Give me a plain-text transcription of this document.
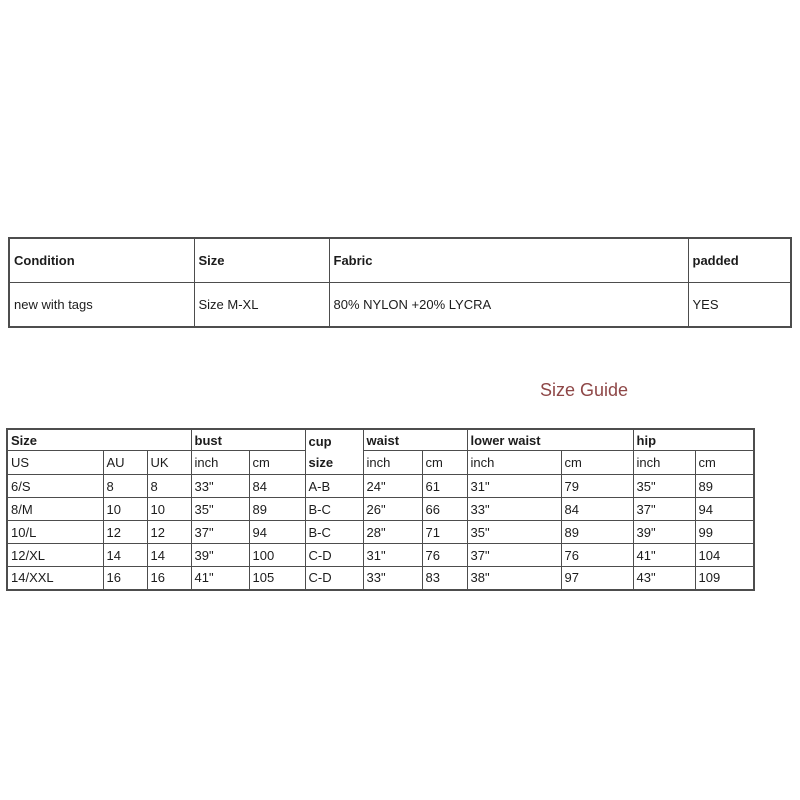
Condition	Size	Fabric	padded
new with tags	Size M-XL	80% NYLON +20% LYCRA	YES
Size Guide
Size			bust		cup size	waist		lower waist		hip	
US	AU	UK	inch	cm		inch	cm	inch	cm	inch	cm
6/S	8	8	33"	84	A-B	24"	61	31"	79	35"	89
8/M	10	10	35"	89	B-C	26"	66	33"	84	37"	94
10/L	12	12	37"	94	B-C	28"	71	35"	89	39"	99
12/XL	14	14	39"	100	C-D	31"	76	37"	76	41"	104
14/XXL	16	16	41"	105	C-D	33"	83	38"	97	43"	109
